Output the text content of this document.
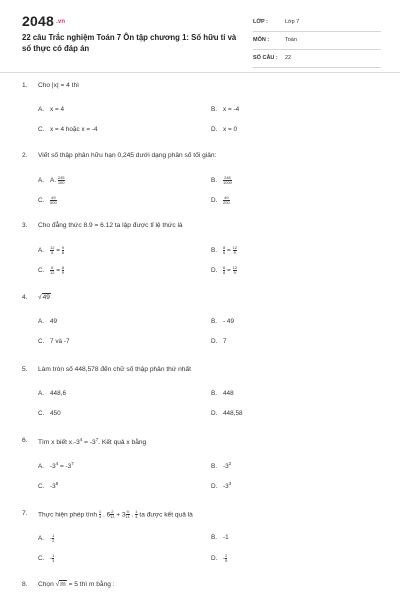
2048 $^{.vn}$
22 câu Trắc nghiệm Toán 7 Ôn tập chương 1: Số hữu tỉ và số thực có đáp án
LỚP :	Lớp 7
MÔN :	Toán
SỐ CÂU : 22
1. Cho |x| = 4 thì
A. x = 4	B. x = -4
C. x = 4 hoặc x = -4	D. x = 0
2. Viết số thập phân hữu hạn 0,245 dưới dạng phân số tối giản:
A. A. $\frac{245}{100}$	B. $\frac{245}{1000}$
C. $\frac{49}{500}$	D. $\frac{49}{200}$
3. Cho đẳng thức 8.9 = 6.12 ta lập được tỉ lệ thức là
A. $\frac{12}{6} = \frac{9}{8}$	B. $\frac{8}{6} = \frac{12}{9}$
C. $\frac{6}{12} = \frac{8}{9}$	D. $\frac{6}{8} = \frac{12}{9}$
4. √49
A. 49	B. - 49
C. 7 và -7	D. 7
5. Làm tròn số 448,578 đến chữ số thập phân thứ nhất
A. 448,6	B. 448
C. 450	D. 448,58
6. Tìm x biết $x.-3^4 = -3^7$. Kết quả x bằng
A. $-3^4 = -3^7$	B. $-3^2$
C. $-3^8$	D. $-3^3$
7. Thực hiện phép tính $\frac{1}{4}$ . $6 \frac{2}{11} + 3 \frac{9}{11}$ . $\frac{1}{4}$ ta được kết quả là
A. - $\frac{1}{2}$	B. -1
C. - $\frac{1}{3}$	D. - $\frac{2}{5}$
8. Chọn √m = 5 thì m bằng :
